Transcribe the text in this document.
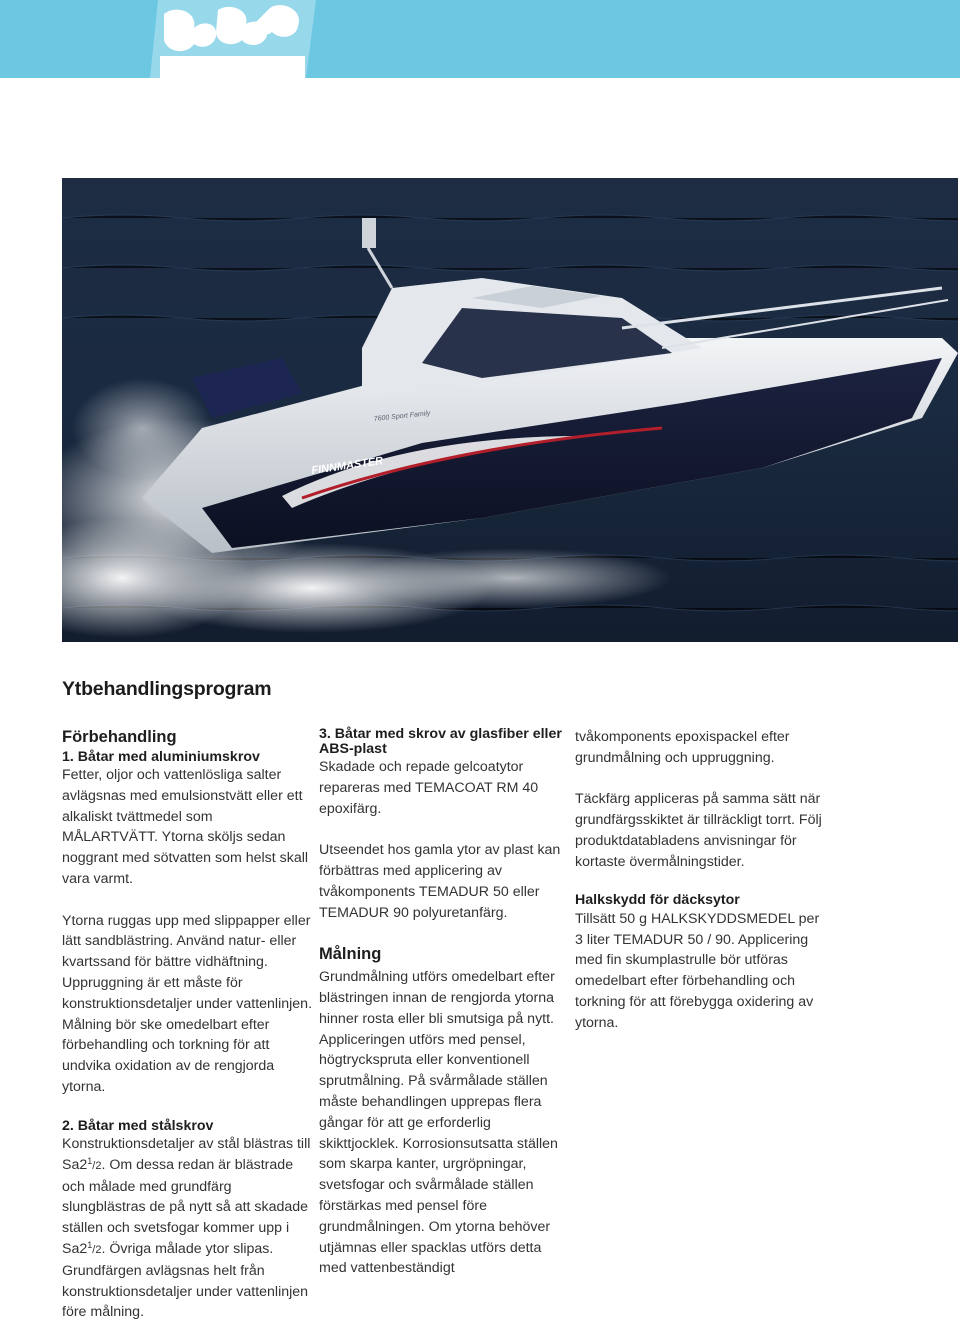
FINNMASTER
7600 Sport Family
Ytbehandlingsprogram
Förbehandling
1. Båtar med aluminiumskrov

Fetter, oljor och vattenlösliga salter avlägsnas med emulsionstvätt eller ett alkaliskt tvättmedel som MÅLARTVÄTT. Ytorna sköljs sedan noggrant med sötvatten som helst skall vara varmt.

Ytorna ruggas upp med slippapper eller lätt sandblästring. Använd natur- eller kvartssand för bättre vidhäftning. Uppruggning är ett måste för konstruktionsdetaljer under vattenlinjen. Målning bör ske omedelbart efter förbehandling och torkning för att undvika oxidation av de rengjorda ytorna.

2. Båtar med stålskrov

Konstruktionsdetaljer av stål blästras till $Sa2^1/2$. Om dessa redan är blästrade och målade med grundfärg slungblästras de på nytt så att skadade ställen och svetsfogar kommer upp i $Sa2^1/2$. Övriga målade ytor slipas. Grundfärgen avlägsnas helt från konstruktionsdetaljer under vattenlinjen före målning.

3. Båtar med skrov av glasfiber eller ABS-plast

Skadade och repade gelcoatytor repareras med TEMACOAT RM 40 epoxifärg.

Utseendet hos gamla ytor av plast kan förbättras med applicering av tvåkomponents TEMADUR 50 eller TEMADUR 90 polyuretanfärg.

Målning

Grundmålning utförs omedelbart efter blästringen innan de rengjorda ytorna hinner rosta eller bli smutsiga på nytt. Appliceringen utförs med pensel, högtryckspruta eller konventionell sprutmålning. På svårmålade ställen måste behandlingen upprepas flera gångar för att ge erforderlig skikttjocklek. Korrosionsutsatta ställen som skarpa kanter, urgröpningar, svetsfogar och svårmålade ställen förstärkas med pensel före grundmålningen. Om ytorna behöver utjämnas eller spacklas utförs detta med vattenbeständigt

tvåkomponents epoxispackel efter grundmålning och uppruggning.

Täckfärg appliceras på samma sätt när grundfärgsskiktet är tillräckligt torrt. Följ produktdatabladens anvisningar för kortaste övermålningstider.

Halkskydd för däcksytor

Tillsätt 50 g HALKSKYDDSMEDEL per 3 liter TEMADUR 50 / 90. Applicering med fin skumplastrulle bör utföras omedelbart efter förbehandling och torkning för att förebygga oxidering av ytorna.
